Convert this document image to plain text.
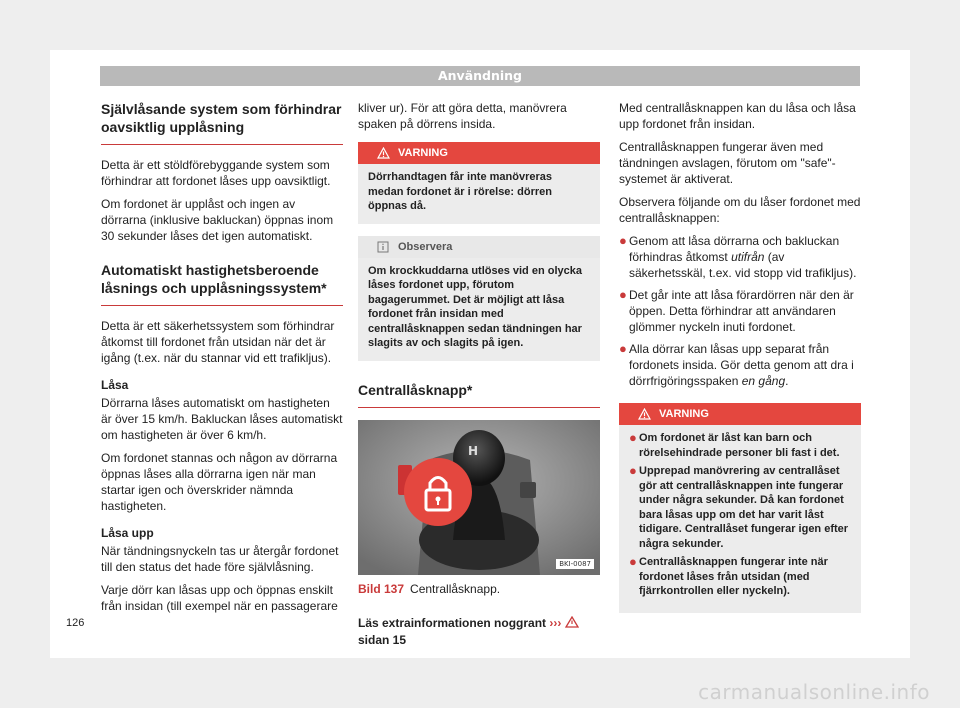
Användning
Självlåsande system som förhindrar oavsiktlig upplåsning

Detta är ett stöldförebyggande system som förhindrar att fordonet låses upp oavsiktligt.

Om fordonet är upplåst och ingen av dörrarna (inklusive bakluckan) öppnas inom 30 sekunder låses det igen automatiskt.

Automatiskt hastighetsberoende låsnings och upplåsningssystem*

Detta är ett säkerhetssystem som förhindrar åtkomst till fordonet från utsidan när det är igång (t.ex. när du stannar vid ett trafikljus).

Låsa

Dörrarna låses automatiskt om hastigheten är över 15 km/h. Bakluckan låses automatiskt om hastigheten är över 6 km/h.

Om fordonet stannas och någon av dörrarna öppnas låses alla dörrarna igen när man startar igen och överskrider nämnda hastigheten.

Låsa upp

När tändningsnyckeln tas ur återgår fordonet till den status det hade före självlåsning.

Varje dörr kan låsas upp och öppnas enskilt från insidan (till exempel när en passagerare

kliver ur). För att göra detta, manövrera spaken på dörrens insida.

VARNING
Dörrhandtagen får inte manövreras medan fordonet är i rörelse: dörren öppnas då.
Observera
Om krockkuddarna utlöses vid en olycka låses fordonet upp, förutom bagagerummet. Det är möjligt att låsa fordonet från insidan med centrallåsknappen sedan tändningen har slagits av och slagits på igen.
Centrallåsknapp*
H
BKI-0087
Bild 137 Centrallåsknapp.
Läs extrainformationen noggrant ›››  sidan 15

Med centrallåsknappen kan du låsa och låsa upp fordonet från insidan.

Centrallåsknappen fungerar även med tändningen avslagen, förutom om "safe"-systemet är aktiverat.

Observera följande om du låser fordonet med centrallåsknappen:

● Genom att låsa dörrarna och bakluckan förhindras åtkomst utifrån (av säkerhetsskäl, t.ex. vid stopp vid trafikljus).
● Det går inte att låsa förardörren när den är öppen. Detta förhindrar att användaren glömmer nyckeln inuti fordonet.
● Alla dörrar kan låsas upp separat från fordonets insida. Gör detta genom att dra i dörrfrigöringsspaken en gång.
VARNING
● Om fordonet är låst kan barn och rörelsehindrade personer bli fast i det.
● Upprepad manövrering av centrallåset gör att centrallåsknappen inte fungerar under några sekunder. Då kan fordonet bara låsas upp om det har varit låst tidigare. Centrallåset fungerar igen efter några sekunder.
● Centrallåsknappen fungerar inte när fordonet låses från utsidan (med fjärrkontrollen eller nyckeln).
126
carmanualsonline.info
